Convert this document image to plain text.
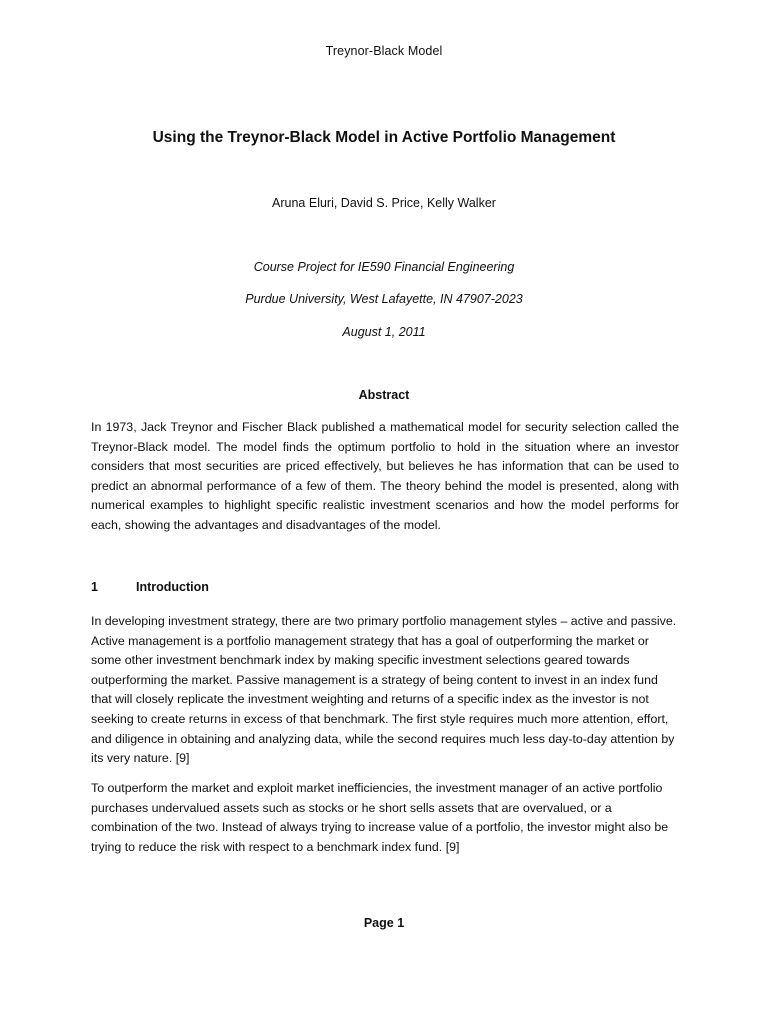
Treynor-Black Model
Using the Treynor-Black Model in Active Portfolio Management
Aruna Eluri, David S. Price, Kelly Walker
Course Project for IE590 Financial Engineering
Purdue University, West Lafayette, IN 47907-2023
August 1, 2011
Abstract

In 1973, Jack Treynor and Fischer Black published a mathematical model for security selection called the Treynor-Black model. The model finds the optimum portfolio to hold in the situation where an investor considers that most securities are priced effectively, but believes he has information that can be used to predict an abnormal performance of a few of them. The theory behind the model is presented, along with numerical examples to highlight specific realistic investment scenarios and how the model performs for each, showing the advantages and disadvantages of the model.

1	Introduction

In developing investment strategy, there are two primary portfolio management styles – active and passive. Active management is a portfolio management strategy that has a goal of outperforming the market or some other investment benchmark index by making specific investment selections geared towards outperforming the market. Passive management is a strategy of being content to invest in an index fund that will closely replicate the investment weighting and returns of a specific index as the investor is not seeking to create returns in excess of that benchmark. The first style requires much more attention, effort, and diligence in obtaining and analyzing data, while the second requires much less day-to-day attention by its very nature. [9]

To outperform the market and exploit market inefficiencies, the investment manager of an active portfolio purchases undervalued assets such as stocks or he short sells assets that are overvalued, or a combination of the two. Instead of always trying to increase value of a portfolio, the investor might also be trying to reduce the risk with respect to a benchmark index fund. [9]

Page 1
